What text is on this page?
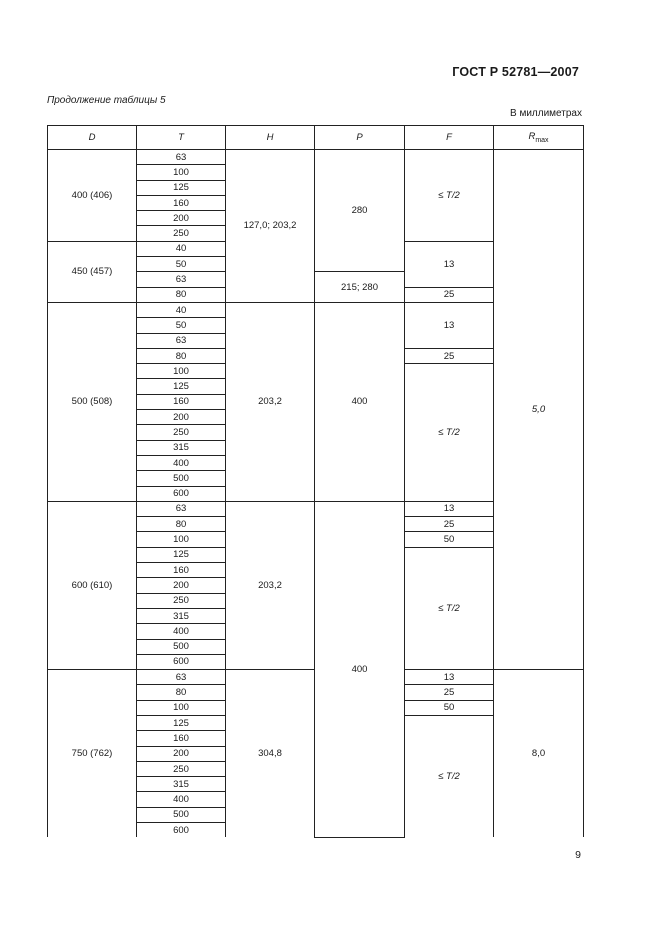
ГОСТ Р 52781—2007
Продолжение таблицы 5
В миллиметрах
D	T	H	P	F	$R_{max}$
400 (406)	63	127,0; 203,2	280	≤ T/2	5,0
	100				
	125				
	160				
	200				
	250				
450 (457)	40			13	
	50				
	63		215; 280		
	80			25	
500 (508)	40	203,2	400	13	
	50				
	63				
	80			25	
	100			≤ T/2	
	125				
	160				
	200				
	250				
	315				
	400				
	500				
	600				
600 (610)	63	203,2	400	13	
	80			25	
	100			50	
	125			≤ T/2	
	160				
	200				
	250				
	315				
	400				
	500				
	600				
750 (762)	63	304,8		13	8,0
	80			25	
	100			50	
	125			≤ T/2	
	160				
	200				
	250				
	315				
	400				
	500				
	600				
9
